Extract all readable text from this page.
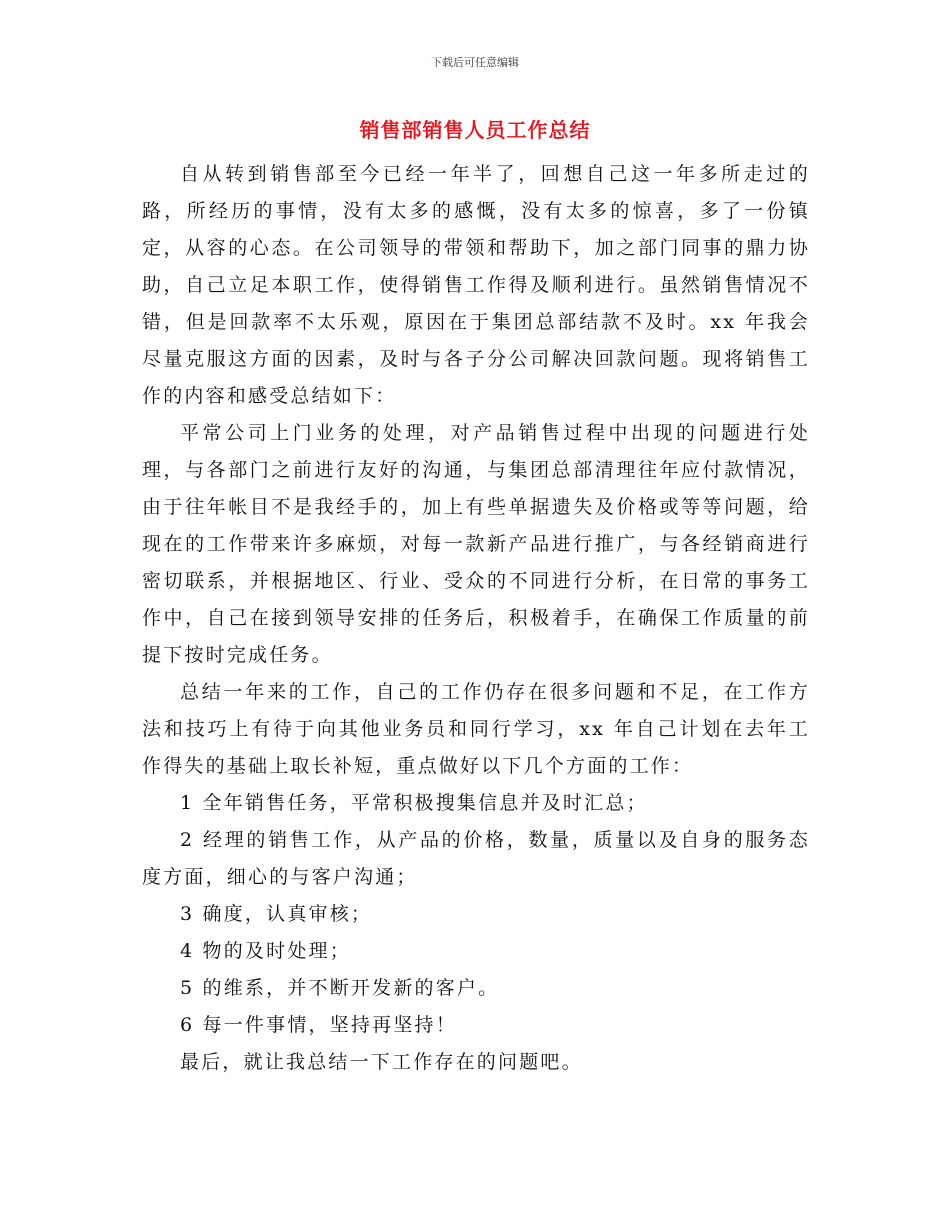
下载后可任意编辑
销售部销售人员工作总结

自从转到销售部至今已经一年半了，回想自己这一年多所走过的路，所经历的事情，没有太多的感慨，没有太多的惊喜，多了一份镇定，从容的心态。在公司领导的带领和帮助下，加之部门同事的鼎力协助，自己立足本职工作，使得销售工作得及顺利进行。虽然销售情况不错，但是回款率不太乐观，原因在于集团总部结款不及时。xx 年我会尽量克服这方面的因素，及时与各子分公司解决回款问题。现将销售工作的内容和感受总结如下：

平常公司上门业务的处理，对产品销售过程中出现的问题进行处理，与各部门之前进行友好的沟通，与集团总部清理往年应付款情况，由于往年帐目不是我经手的，加上有些单据遗失及价格或等等问题，给现在的工作带来许多麻烦，对每一款新产品进行推广，与各经销商进行密切联系，并根据地区、行业、受众的不同进行分析，在日常的事务工作中，自己在接到领导安排的任务后，积极着手，在确保工作质量的前提下按时完成任务。

总结一年来的工作，自己的工作仍存在很多问题和不足，在工作方法和技巧上有待于向其他业务员和同行学习，xx 年自己计划在去年工作得失的基础上取长补短，重点做好以下几个方面的工作：

1 全年销售任务，平常积极搜集信息并及时汇总；

2 经理的销售工作，从产品的价格，数量，质量以及自身的服务态度方面，细心的与客户沟通；

3 确度，认真审核；

4 物的及时处理；

5 的维系，并不断开发新的客户。

6 每一件事情，坚持再坚持！

最后，就让我总结一下工作存在的问题吧。
